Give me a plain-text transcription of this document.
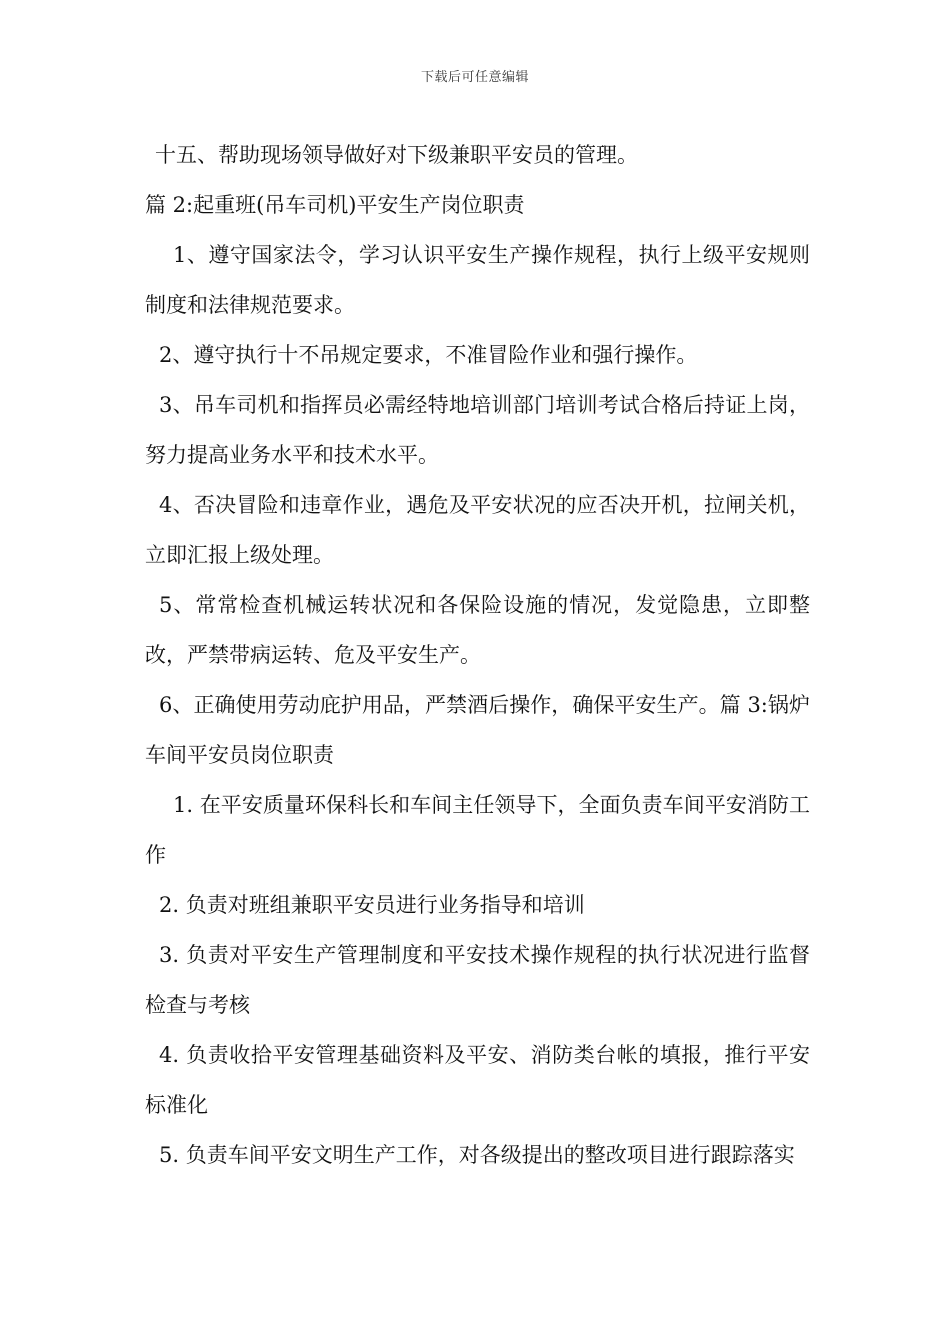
下载后可任意编辑

十五、帮助现场领导做好对下级兼职平安员的管理。

篇 2:起重班(吊车司机)平安生产岗位职责

1、遵守国家法令，学习认识平安生产操作规程，执行上级平安规则制度和法律规范要求。

2、遵守执行十不吊规定要求，不准冒险作业和强行操作。

3、吊车司机和指挥员必需经特地培训部门培训考试合格后持证上岗，努力提高业务水平和技术水平。

4、否决冒险和违章作业，遇危及平安状况的应否决开机，拉闸关机，立即汇报上级处理。

5、常常检查机械运转状况和各保险设施的情况，发觉隐患，立即整改，严禁带病运转、危及平安生产。

6、正确使用劳动庇护用品，严禁酒后操作，确保平安生产。篇 3:锅炉车间平安员岗位职责

1. 在平安质量环保科长和车间主任领导下，全面负责车间平安消防工作

2. 负责对班组兼职平安员进行业务指导和培训

3. 负责对平安生产管理制度和平安技术操作规程的执行状况进行监督检查与考核

4. 负责收拾平安管理基础资料及平安、消防类台帐的填报，推行平安标准化

5. 负责车间平安文明生产工作，对各级提出的整改项目进行跟踪落实
